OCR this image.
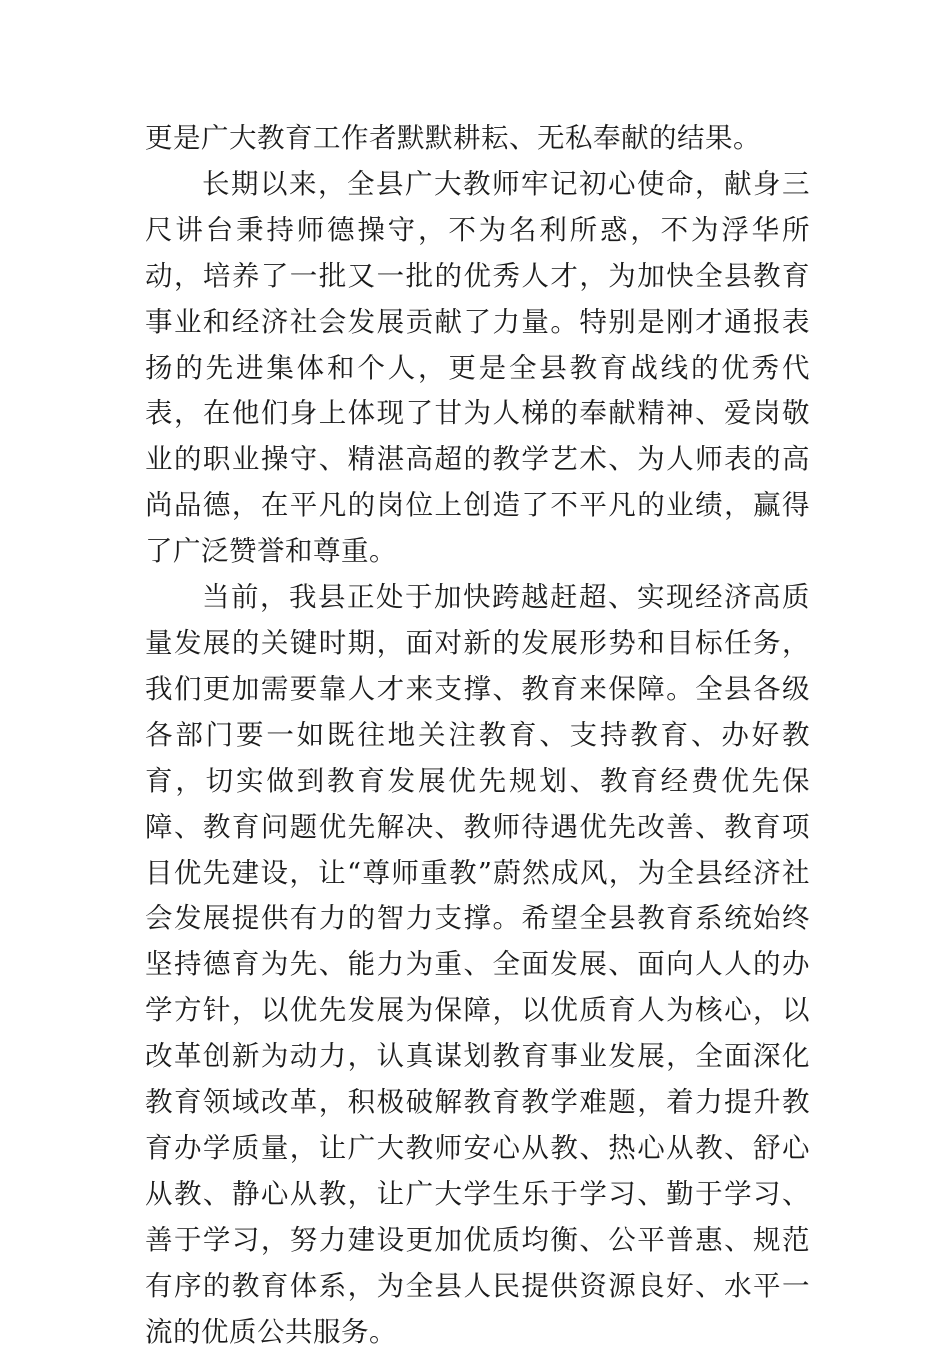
更是广大教育工作者默默耕耘、无私奉献的结果。

长期以来，全县广大教师牢记初心使命，献身三尺讲台秉持师德操守，不为名利所惑，不为浮华所动，培养了一批又一批的优秀人才，为加快全县教育事业和经济社会发展贡献了力量。特别是刚才通报表扬的先进集体和个人，更是全县教育战线的优秀代表，在他们身上体现了甘为人梯的奉献精神、爱岗敬业的职业操守、精湛高超的教学艺术、为人师表的高尚品德，在平凡的岗位上创造了不平凡的业绩，赢得了广泛赞誉和尊重。

当前，我县正处于加快跨越赶超、实现经济高质量发展的关键时期，面对新的发展形势和目标任务，我们更加需要靠人才来支撑、教育来保障。全县各级各部门要一如既往地关注教育、支持教育、办好教育，切实做到教育发展优先规划、教育经费优先保障、教育问题优先解决、教师待遇优先改善、教育项目优先建设，让“尊师重教”蔚然成风，为全县经济社会发展提供有力的智力支撑。希望全县教育系统始终坚持德育为先、能力为重、全面发展、面向人人的办学方针，以优先发展为保障，以优质育人为核心，以改革创新为动力，认真谋划教育事业发展，全面深化教育领域改革，积极破解教育教学难题，着力提升教育办学质量，让广大教师安心从教、热心从教、舒心从教、静心从教，让广大学生乐于学习、勤于学习、善于学习，努力建设更加优质均衡、公平普惠、规范有序的教育体系，为全县人民提供资源良好、水平一流的优质公共服务。
